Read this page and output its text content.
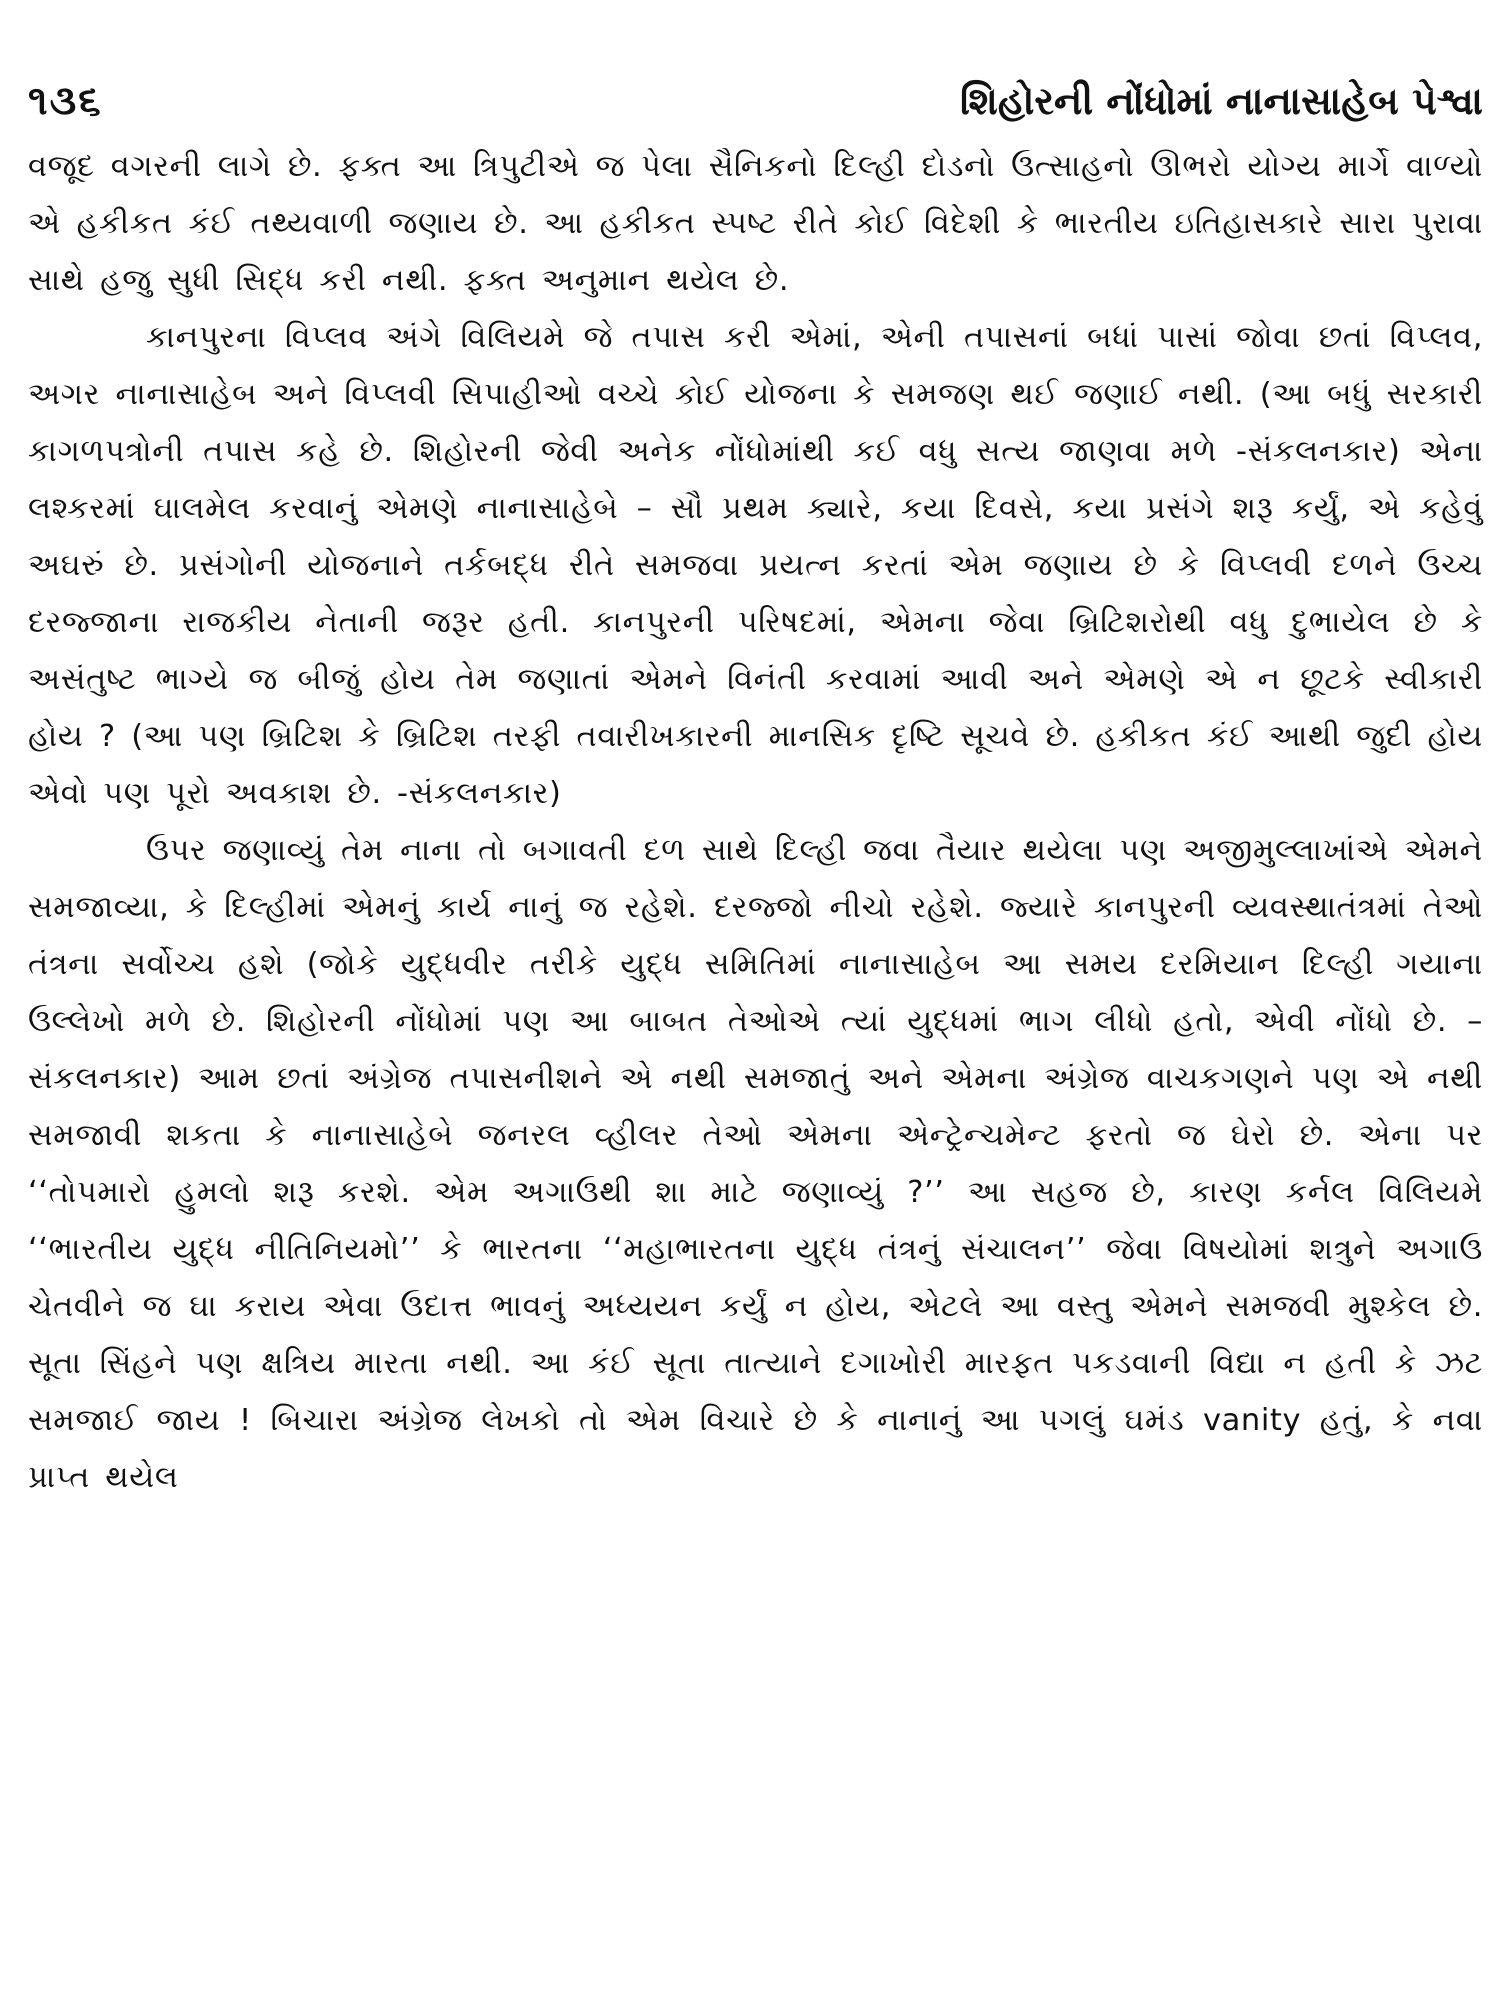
૧૩૬	શિહોરની નોંધોમાં નાનાસાહેબ પેશ્વા

વજૂદ વગરની લાગે છે. ફક્ત આ ત્રિપુટીએ જ પેલા સૈનિકનો દિલ્હી દોડનો ઉત્સાહનો ઊભરો યોગ્ય માર્ગે વાળ્યો એ હકીકત કંઈ તથ્યવાળી જણાય છે. આ હકીકત સ્પષ્ટ રીતે કોઈ વિદેશી કે ભારતીય ઇતિહાસકારે સારા પુરાવા સાથે હજુ સુધી સિદ્ધ કરી નથી. ફક્ત અનુમાન થયેલ છે.

કાનપુરના વિપ્લવ અંગે વિલિયમે જે તપાસ કરી એમાં, એની તપાસનાં બધાં પાસાં જોવા છતાં વિપ્લવ, અગર નાનાસાહેબ અને વિપ્લવી સિપાહીઓ વચ્ચે કોઈ યોજના કે સમજણ થઈ જણાઈ નથી. (આ બધું સરકારી કાગળપત્રોની તપાસ કહે છે. શિહોરની જેવી અનેક નોંધોમાંથી કઈ વધુ સત્ય જાણવા મળે -સંકલનકાર) એના લશ્કરમાં ઘાલમેલ કરવાનું એમણે નાનાસાહેબે – સૌ પ્રથમ ક્યારે, કયા દિવસે, કયા પ્રસંગે શરૂ કર્યું, એ કહેવું અઘરું છે. પ્રસંગોની યોજનાને તર્કબદ્ધ રીતે સમજવા પ્રયત્ન કરતાં એમ જણાય છે કે વિપ્લવી દળને ઉચ્ચ દરજ્જાના રાજકીય નેતાની જરૂર હતી. કાનપુરની પરિષદમાં, એમના જેવા બ્રિટિશરોથી વધુ દુભાયેલ છે કે અસંતુષ્ટ ભાગ્યે જ બીજું હોય તેમ જણાતાં એમને વિનંતી કરવામાં આવી અને એમણે એ ન છૂટકે સ્વીકારી હોય ? (આ પણ બ્રિટિશ કે બ્રિટિશ તરફી તવારીખકારની માનસિક દૃષ્ટિ સૂચવે છે. હકીકત કંઈ આથી જુદી હોય એવો પણ પૂરો અવકાશ છે. -સંકલનકાર)

ઉપર જણાવ્યું તેમ નાના તો બગાવતી દળ સાથે દિલ્હી જવા તૈયાર થયેલા પણ અજીમુલ્લાખાંએ એમને સમજાવ્યા, કે દિલ્હીમાં એમનું કાર્ય નાનું જ રહેશે. દરજ્જો નીચો રહેશે. જ્યારે કાનપુરની વ્યવસ્થાતંત્રમાં તેઓ તંત્રના સર્વોચ્ચ હશે (જોકે યુદ્ધવીર તરીકે યુદ્ધ સમિતિમાં નાનાસાહેબ આ સમય દરમિયાન દિલ્હી ગયાના ઉલ્લેખો મળે છે. શિહોરની નોંધોમાં પણ આ બાબત તેઓએ ત્યાં યુદ્ધમાં ભાગ લીધો હતો, એવી નોંધો છે. –સંકલનકાર) આમ છતાં અંગ્રેજ તપાસનીશને એ નથી સમજાતું અને એમના અંગ્રેજ વાચકગણને પણ એ નથી સમજાવી શકતા કે નાનાસાહેબે જનરલ વ્હીલર તેઓ એમના એન્ટ્રેન્ચમેન્ટ ફરતો જ ઘેરો છે. એના પર ‘‘તોપમારો હુમલો શરૂ કરશે. એમ અગાઉથી શા માટે જણાવ્યું ?’’ આ સહજ છે, કારણ કર્નલ વિલિયમે ‘‘ભારતીય યુદ્ધ નીતિનિયમો’’ કે ભારતના ‘‘મહાભારતના યુદ્ધ તંત્રનું સંચાલન’’ જેવા વિષયોમાં શત્રુને અગાઉ ચેતવીને જ ઘા કરાય એવા ઉદાત્ત ભાવનું અધ્યયન કર્યું ન હોય, એટલે આ વસ્તુ એમને સમજવી મુશ્કેલ છે. સૂતા સિંહને પણ ક્ષત્રિય મારતા નથી. આ કંઈ સૂતા તાત્યાને દગાખોરી મારફત પકડવાની વિદ્યા ન હતી કે ઝટ સમજાઈ જાય ! બિચારા અંગ્રેજ લેખકો તો એમ વિચારે છે કે નાનાનું આ પગલું ઘમંડ vanity હતું, કે નવા પ્રાપ્ત થયેલ
